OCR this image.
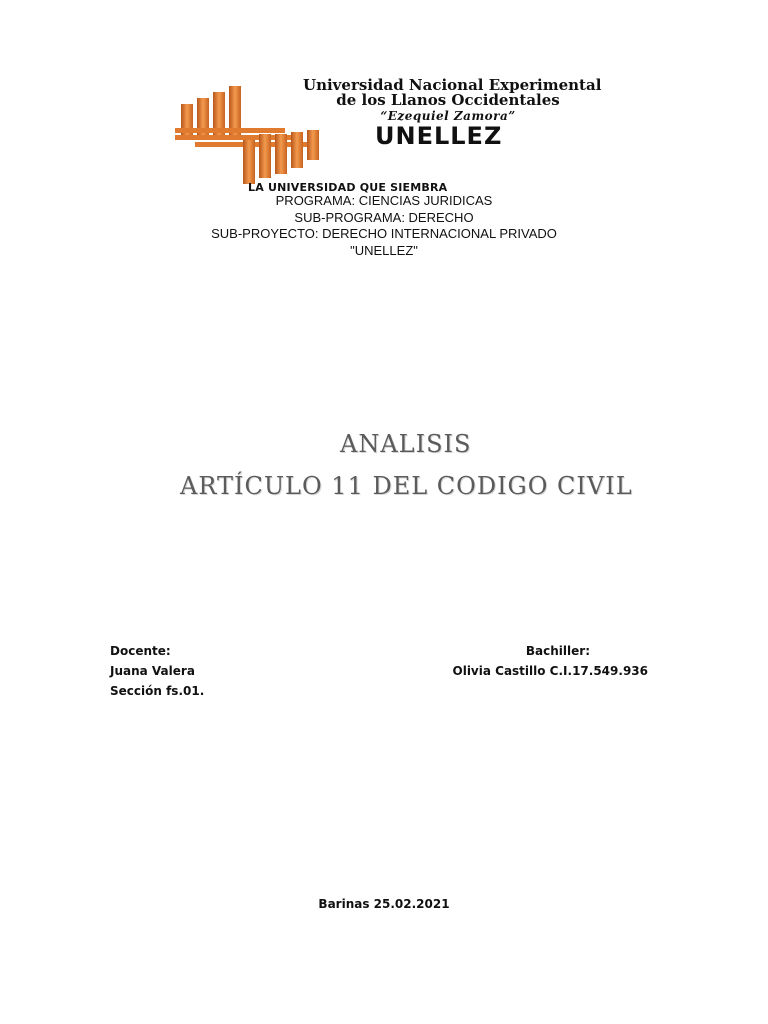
Universidad Nacional Experimental
de los Llanos Occidentales
“Ezequiel Zamora”
UNELLEZ
LA UNIVERSIDAD QUE SIEMBRA
PROGRAMA: CIENCIAS JURIDICAS
SUB-PROGRAMA: DERECHO
SUB-PROYECTO: DERECHO INTERNACIONAL PRIVADO
"UNELLEZ"
ANALISIS
ARTÍCULO 11 DEL CODIGO CIVIL
Docente:
Juana Valera
Sección fs.01.
Bachiller:
Olivia Castillo C.I.17.549.936
Barinas 25.02.2021
